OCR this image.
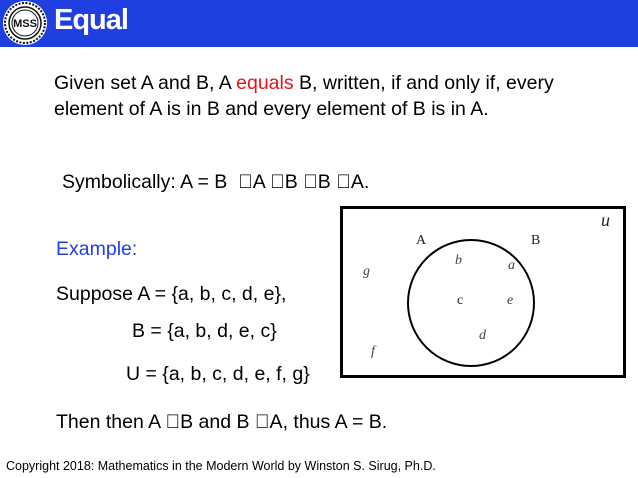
MSS Equal
Given set A and B, A equals B, written, if and only if, every element of A is in B and every element of B is in A.
Symbolically: A = B   A  B  B  A.
u
g
f
b	a
e
d
c
A	B
Example:
Suppose A = {a, b, c, d, e},
B = {a, b, d, e, c}
U = {a, b, c, d, e, f, g}
Then then A  B and B  A, thus A = B.
Copyright 2018: Mathematics in the Modern World by Winston S. Sirug, Ph.D.
